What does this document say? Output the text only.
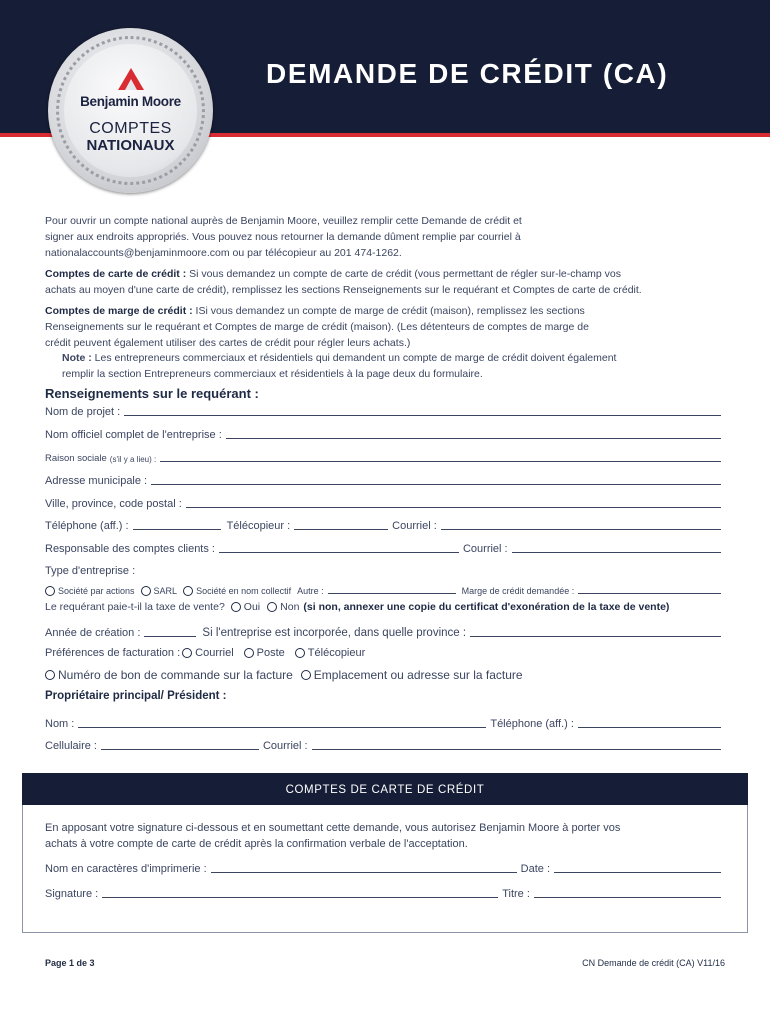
DEMANDE DE CRÉDIT (CA)
Benjamin Moore
COMPTES
NATIONAUX
Pour ouvrir un compte national auprès de Benjamin Moore, veuillez remplir cette Demande de crédit et
signer aux endroits appropriés. Vous pouvez nous retourner la demande dûment remplie par courriel à
nationalaccounts@benjaminmoore.com ou par télécopieur au 201 474-1262.
Comptes de carte de crédit : Si vous demandez un compte de carte de crédit (vous permettant de régler sur-le-champ vos
achats au moyen d'une carte de crédit), remplissez les sections Renseignements sur le requérant et Comptes de carte de crédit.
Comptes de marge de crédit : ISi vous demandez un compte de marge de crédit (maison), remplissez les sections
Renseignements sur le requérant et Comptes de marge de crédit (maison). (Les détenteurs de comptes de marge de
crédit peuvent également utiliser des cartes de crédit pour régler leurs achats.)
Note : Les entrepreneurs commerciaux et résidentiels qui demandent un compte de marge de crédit doivent également
remplir la section Entrepreneurs commerciaux et résidentiels à la page deux du formulaire.
Renseignements sur le requérant :
Nom de projet :
Nom officiel complet de l'entreprise :
Raison sociale (s'il y a lieu) :
Adresse municipale :
Ville, province, code postal :
Téléphone (aff.) :	Télécopieur :	Courriel :
Responsable des comptes clients :	Courriel :
Type d'entreprise :
Société par actions SARL Société en nom collectif Autre :	Marge de crédit demandée :
Le requérant paie-t-il la taxe de vente? Oui Non (si non, annexer une copie du certificat d'exonération de la taxe de vente)
Année de création :	Si l'entreprise est incorporée, dans quelle province :
Préférences de facturation : Courriel Poste Télécopieur
Numéro de bon de commande sur la facture Emplacement ou adresse sur la facture
Propriétaire principal/ Président :
Nom :	Téléphone (aff.) :
Cellulaire :	Courriel :
COMPTES DE CARTE DE CRÉDIT
En apposant votre signature ci-dessous et en soumettant cette demande, vous autorisez Benjamin Moore à porter vos
achats à votre compte de carte de crédit après la confirmation verbale de l'acceptation.
Nom en caractères d'imprimerie :	Date :
Signature :	Titre :
Page 1 de 3	CN Demande de crédit (CA) V11/16
